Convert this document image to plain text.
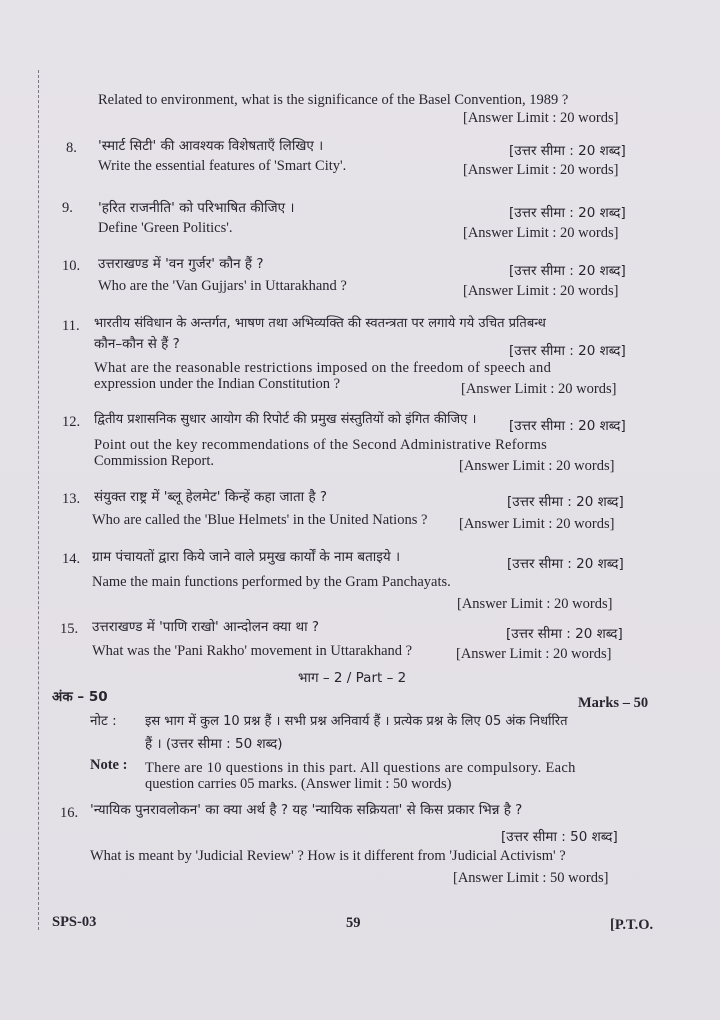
Related to environment, what is the significance of the Basel Convention, 1989 ?
[Answer Limit : 20 words]
8. 'स्मार्ट सिटी' की आवश्यक विशेषताएँ लिखिए ।	[उत्तर सीमा : 20 शब्द]
Write the essential features of 'Smart City'.	[Answer Limit : 20 words]
9. 'हरित राजनीति' को परिभाषित कीजिए ।	[उत्तर सीमा : 20 शब्द]
Define 'Green Politics'.	[Answer Limit : 20 words]
10. उत्तराखण्ड में 'वन गुर्जर' कौन हैं ?	[उत्तर सीमा : 20 शब्द]
Who are the 'Van Gujjars' in Uttarakhand ?	[Answer Limit : 20 words]
11. भारतीय संविधान के अन्तर्गत, भाषण तथा अभिव्यक्ति की स्वतन्त्रता पर लगाये गये उचित प्रतिबन्ध
कौन–कौन से हैं ?	[उत्तर सीमा : 20 शब्द]
What are the reasonable restrictions imposed on the freedom of speech and
expression under the Indian Constitution ?	[Answer Limit : 20 words]
12. द्वितीय प्रशासनिक सुधार आयोग की रिपोर्ट की प्रमुख संस्तुतियों को इंगित कीजिए । [उत्तर सीमा : 20 शब्द]
Point out the key recommendations of the Second Administrative Reforms
Commission Report.	[Answer Limit : 20 words]
13. संयुक्त राष्ट्र में 'ब्लू हेलमेट' किन्हें कहा जाता है ?	[उत्तर सीमा : 20 शब्द]
Who are called the 'Blue Helmets' in the United Nations ? [Answer Limit : 20 words]
14. ग्राम पंचायतों द्वारा किये जाने वाले प्रमुख कार्यों के नाम बताइये ।	[उत्तर सीमा : 20 शब्द]
Name the main functions performed by the Gram Panchayats.
[Answer Limit : 20 words]
15. उत्तराखण्ड में 'पाणि राखो' आन्दोलन क्या था ?	[उत्तर सीमा : 20 शब्द]
What was the 'Pani Rakho' movement in Uttarakhand ?	[Answer Limit : 20 words]
भाग – 2 / Part – 2
अंक – 50	Marks – 50
नोट : इस भाग में कुल 10 प्रश्न हैं । सभी प्रश्न अनिवार्य हैं । प्रत्येक प्रश्न के लिए 05 अंक निर्धारित
हैं । (उत्तर सीमा : 50 शब्द)
Note : There are 10 questions in this part. All questions are compulsory. Each
question carries 05 marks. (Answer limit : 50 words)
16. 'न्यायिक पुनरावलोकन' का क्या अर्थ है ? यह 'न्यायिक सक्रियता' से किस प्रकार भिन्न है ?
[उत्तर सीमा : 50 शब्द]
What is meant by 'Judicial Review' ? How is it different from 'Judicial Activism' ?
[Answer Limit : 50 words]
SPS-03	59	[P.T.O.
